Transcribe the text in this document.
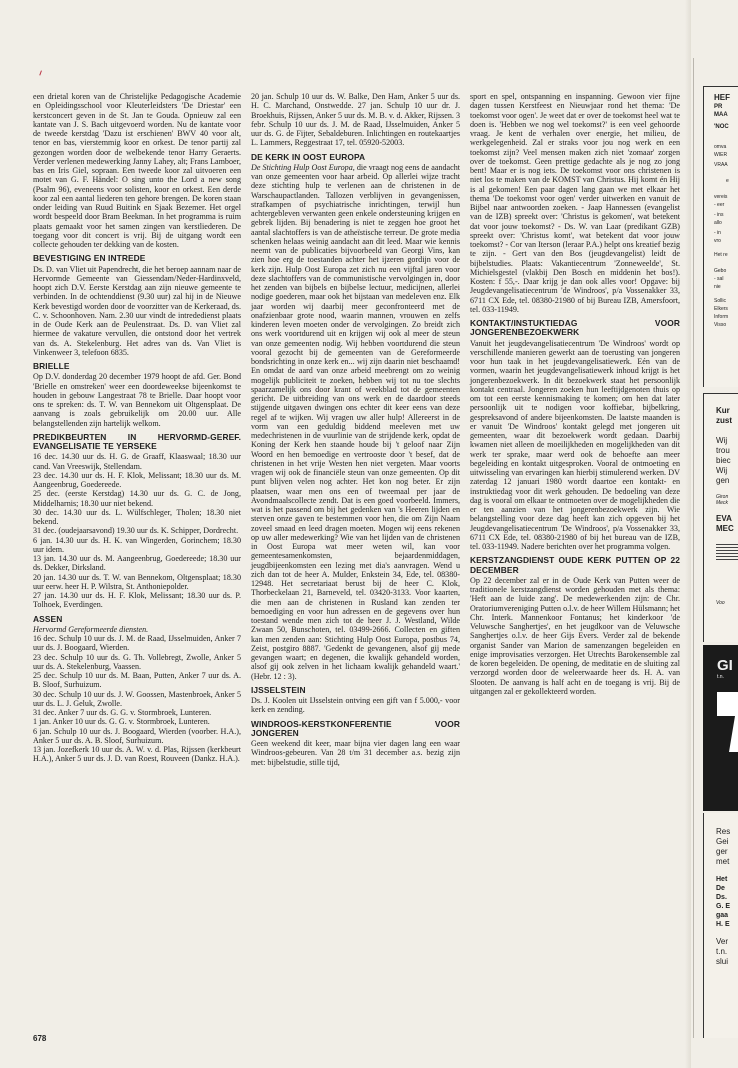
een drietal koren van de Christelijke Pedagogische Academie en Opleidingsschool voor Kleuterleidsters 'De Driestar' een kerstconcert geven in de St. Jan te Gouda. Opnieuw zal een kantate van J. S. Bach uitgevoerd worden. Nu de kantate voor de tweede kerstdag 'Dazu ist erschienen' BWV 40 voor alt, tenor en bas, vierstemmig koor en orkest. De tenor partij zal gezongen worden door de welbekende tenor Harry Geraerts. Verder verlenen medewerking Janny Lahey, alt; Frans Lamboer, bas en Iris Giel, sopraan. Een tweede koor zal uitvoeren een motet van G. F. Händel: O sing unto the Lord a new song (Psalm 96), eveneens voor solisten, koor en orkest. Een derde koor zal een aantal liederen ten gehore brengen. De koren staan onder leiding van Ruud Buitink en Sjaak Bezemer. Het orgel wordt bespeeld door Bram Beekman. In het programma is ruim plaats gemaakt voor het samen zingen van kerstliederen. De toegang voor dit concert is vrij. Bij de uitgang wordt een collecte gehouden ter dekking van de kosten.

BEVESTIGING EN INTREDE

Ds. D. van Vliet uit Papendrecht, die het beroep aannam naar de Hervormde Gemeente van Giessendam/Neder-Hardinxveld, hoopt zich D.V. Eerste Kerstdag aan zijn nieuwe gemeente te verbinden. In de ochtenddienst (9.30 uur) zal hij in de Nieuwe Kerk bevestigd worden door de voorzitter van de Kerkeraad, ds. C. v. Schoonhoven. Nam. 2.30 uur vindt de intrededienst plaats in de Oude Kerk aan de Peulenstraat. Ds. D. van Vliet zal hiermee de vakature vervullen, die ontstond door het vertrek van ds. A. Stekelenburg. Het adres van ds. Van Vliet is Vinkenweer 3, telefoon 6835.

BRIELLE

Op D.V. donderdag 20 december 1979 hoopt de afd. Ger. Bond 'Brielle en omstreken' weer een doordeweekse bijeenkomst te houden in gebouw Langestraat 78 te Brielle. Daar hoopt voor ons te spreken: ds. T. W. van Bennekom uit Oltgensplaat. De aanvang is zoals gebruikelijk om 20.00 uur. Alle belangstellenden zijn hartelijk welkom.

PREDIKBEURTEN IN HERVORMD-GEREF. EVANGELISATIE TE YERSEKE

16 dec. 14.30 uur ds. H. G. de Graaff, Klaaswaal; 18.30 uur cand. Van Vreeswijk, Stellendam.

23 dec. 14.30 uur ds. H. F. Klok, Melissant; 18.30 uur ds. M. Aangeenbrug, Goedereede.

25 dec. (eerste Kerstdag) 14.30 uur ds. G. C. de Jong, Middelharnis; 18.30 uur niet bekend.

30 dec. 14.30 uur ds. L. Wülfschleger, Tholen; 18.30 niet bekend.

31 dec. (oudejaarsavond) 19.30 uur ds. K. Schipper, Dordrecht.

6 jan. 14.30 uur ds. H. K. van Wingerden, Gorinchem; 18.30 uur idem.

13 jan. 14.30 uur ds. M. Aangeenbrug, Goedereede; 18.30 uur ds. Dekker, Dirksland.

20 jan. 14.30 uur ds. T. W. van Bennekom, Oltgensplaat; 18.30 uur eerw. heer H. P. Wilstra, St. Anthoniepolder.

27 jan. 14.30 uur ds. H. F. Klok, Melissant; 18.30 uur ds. P. Tolhoek, Everdingen.

ASSEN

Hervormd Gereformeerde diensten.

16 dec. Schulp 10 uur ds. J. M. de Raad, IJsselmuiden, Anker 7 uur ds. J. Boogaard, Wierden.

23 dec. Schulp 10 uur ds. G. Th. Vollebregt, Zwolle, Anker 5 uur ds. A. Stekelenburg, Vaassen.

25 dec. Schulp 10 uur ds. M. Baan, Putten, Anker 7 uur ds. A. B. Sloof, Surhuizum.

30 dec. Schulp 10 uur ds. J. W. Goossen, Mastenbroek, Anker 5 uur ds. L. J. Geluk, Zwolle.

31 dec. Anker 7 uur ds. G. G. v. Stormbroek, Lunteren.

1 jan. Anker 10 uur ds. G. G. v. Stormbroek, Lunteren.

6 jan. Schulp 10 uur ds. J. Boogaard, Wierden (voorber. H.A.), Anker 5 uur ds. A. B. Sloof, Surhuizum.

13 jan. Jozefkerk 10 uur ds. A. W. v. d. Plas, Rijssen (kerkbeurt H.A.), Anker 5 uur ds. J. D. van Roest, Rouveen (Dankz. H.A.).

20 jan. Schulp 10 uur ds. W. Balke, Den Ham, Anker 5 uur ds. H. C. Marchand, Onstwedde. 27 jan. Schulp 10 uur dr. J. Broekhuis, Rijssen, Anker 5 uur ds. M. B. v. d. Akker, Rijssen. 3 febr. Schulp 10 uur ds. J. M. de Raad, IJsselmuiden, Anker 5 uur ds. G. de Fijter, Sebaldeburen. Inlichtingen en routekaartjes L. Lammers, Reggestraat 17, tel. 05920-52003.

DE KERK IN OOST EUROPA

De Stichting Hulp Oost Europa, die vraagt nog eens de aandacht van onze gemeenten voor haar arbeid. Op allerlei wijze tracht deze stichting hulp te verlenen aan de christenen in de Warschaupactlanden. Tallozen verblijven in gevangenissen, strafkampen of psychiatrische inrichtingen, terwijl hun achtergebleven verwanten geen enkele ondersteuning krijgen en gebrek lijden. Bij benadering is niet te zeggen hoe groot het aantal slachtoffers is van de atheïstische terreur. De grote media schenken helaas weinig aandacht aan dit leed. Maar wie kennis neemt van de publicaties bijvoorbeeld van Georgi Vins, kan zien hoe erg de toestanden achter het ijzeren gordijn voor de kerk zijn. Hulp Oost Europa zet zich nu een vijftal jaren voor deze slachtoffers van de communistische vervolgingen in, door het zenden van bijbels en bijbelse lectuur, medicijnen, allerlei nodige goederen, maar ook het bijstaan van medeleven enz. Elk jaar worden wij daarbij meer geconfronteerd met de onafzienbaar grote nood, waarin mannen, vrouwen en zelfs kinderen leven moeten onder de vervolgingen. Zo breidt zich ons werk voortdurend uit en krijgen wij ook al meer de steun van onze gemeenten nodig. Wij hebben voortdurend die steun vooral gezocht bij de gemeenten van de Gereformeerde bondsrichting in onze kerk en... wij zijn daarin niet beschaamd! En omdat de aard van onze arbeid meebrengt om zo weinig mogelijk publiciteit te zoeken, hebben wij tot nu toe slechts spaarzamelijk ons door krant of weekblad tot de gemeenten gericht. De uitbreiding van ons werk en de daardoor steeds stijgende uitgaven dwingen ons echter dit keer eens van deze regel af te wijken. Wij vragen uw aller hulp! Allereerst in de vorm van een geduldig biddend meeleven met uw medechristenen in de vuurlinie van de strijdende kerk, opdat de Koning der Kerk hen staande houde bij 't geloof naar Zijn Woord en hen bemoedige en vertrooste door 't besef, dat de christenen in het vrije Westen hen niet vergeten. Maar voorts vragen wij ook de financiële steun van onze gemeenten. Op dit punt blijven velen nog achter. Het kon nog beter. Er zijn plaatsen, waar men ons een of tweemaal per jaar de Avondmaalscollecte zendt. Dat is een goed voorbeeld. Immers, wat is het passend om bij het gedenken van 's Heeren lijden en sterven onze gaven te bestemmen voor hen, die om Zijn Naam zoveel smaad en leed dragen moeten. Mogen wij eens rekenen op uw aller medewerking? Wie van het lijden van de christenen in Oost Europa wat meer weten wil, kan voor gemeentesamenkomsten, bejaardenmiddagen, jeugdbijeenkomsten een lezing met dia's aanvragen. Wend u zich dan tot de heer A. Mulder, Enkstein 34, Ede, tel. 08380-12948. Het secretariaat berust bij de heer C. Klok, Thorbeckelaan 21, Barneveld, tel. 03420-3133. Voor kaarten, die men aan de christenen in Rusland kan zenden ter bemoediging en voor hun adressen en de gegevens over hun toestand wende men zich tot de heer J. J. Westland, Wilde Zwaan 50, Bunschoten, tel. 03499-2666. Collecten en giften kan men zenden aan: Stichting Hulp Oost Europa, postbus 74, Zeist, postgiro 8887. 'Gedenkt de gevangenen, alsof gij mede gevangen waart; en degenen, die kwalijk gehandeld worden, alsof gij ook zelven in het lichaam kwalijk gehandeld waart.' (Hebr. 12 : 3).

IJSSELSTEIN

Ds. J. Koolen uit IJsselstein ontving een gift van f 5.000,- voor kerk en zending.

WINDROOS-KERSTKONFERENTIE VOOR JONGEREN

Geen weekend dit keer, maar bijna vier dagen lang een waar Windroos-gebeuren. Van 28 t/m 31 december a.s. bezig zijn met: bijbelstudie, stille tijd,

sport en spel, ontspanning en inspanning. Gewoon vier fijne dagen tussen Kerstfeest en Nieuwjaar rond het thema: 'De toekomst voor ogen'. Je weet dat er over de toekomst heel wat te doen is. 'Hebben we nog wel toekomst?' is een veel gehoorde vraag. Je kent de verhalen over energie, het milieu, de werkgelegenheid. Zal er straks voor jou nog werk en een toekomst zijn? Veel mensen maken zich niet 'zomaar' zorgen over de toekomst. Geen prettige gedachte als je nog zo jong bent! Maar er is nog iets. De toekomst voor ons christenen is niet los te maken van de KOMST van Christus. Hij komt én Hij is al gekomen! Een paar dagen lang gaan we met elkaar het thema 'De toekomst voor ogen' verder uitwerken en vanuit de Bijbel naar antwoorden zoeken. - Jaap Hannessen (evangelist van de IZB) spreekt over: 'Christus is gekomen', wat betekent dat voor jouw toekomst? - Ds. W. van Laar (predikant GZB) spreekt over: 'Christus komt', wat betekent dat voor jouw toekomst? - Cor van Iterson (leraar P.A.) helpt ons kreatief bezig te zijn. - Gert van den Bos (jeugdevangelist) leidt de bijbelstudies. Plaats: Vakantiecentrum 'Zonneweelde', St. Michielsgestel (vlakbij Den Bosch en middenin het bos!). Kosten: f 55,-. Daar krijg je dan ook alles voor! Opgave: bij Jeugdevangelisatiecentrum 'de Windroos', p/a Vossenakker 33, 6711 CX Ede, tel. 08380-21980 of bij Bureau IZB, Amersfoort, tel. 033-11949.

KONTAKT/INSTUKTIEDAG VOOR JONGERENBEZOEKWERK

Vanuit het jeugdevangelisatiecentrum 'De Windroos' wordt op verschillende manieren gewerkt aan de toerusting van jongeren voor hun taak in het jeugdevangelisatiewerk. Eén van de vormen, waarin het jeugdevangelisatiewerk inhoud krijgt is het jongerenbezoekwerk. In dit bezoekwerk staat het persoonlijk kontakt centraal. Jongeren zoeken hun leeftijdgenoten thuis op om tot een eerste kennismaking te komen; om hen dat later persoonlijk uit te nodigen voor koffiebar, bijbelkring, gespreksavond of andere bijeenkomsten. De laatste maanden is er vanuit 'De Windroos' kontakt gelegd met jongeren uit gemeenten, waar dit bezoekwerk wordt gedaan. Daarbij kwamen niet alleen de moeilijkheden en mogelijkheden van dit werk ter sprake, maar werd ook de behoefte aan meer begeleiding en kontakt uitgesproken. Vooral de ontmoeting en uitwisseling van ervaringen kan hierbij stimulerend werken. DV zaterdag 12 januari 1980 wordt daartoe een kontakt- en instruktiedag voor dit werk gehouden. De bedoeling van deze dag is vooral om elkaar te ontmoeten over de mogelijkheden die er ten aanzien van het jongerenbezoekwerk zijn. Wie belangstelling voor deze dag heeft kan zich opgeven bij het Jeugdevangelisatiecentrum 'De Windroos', p/a Vossenakker 33, 6711 CX Ede, tel. 08380-21980 of bij het bureau van de IZB, tel. 033-11949. Nadere berichten over het programma volgen.

KERSTZANGDIENST OUDE KERK PUTTEN OP 22 DECEMBER

Op 22 december zal er in de Oude Kerk van Putten weer de traditionele kerstzangdienst worden gehouden met als thema: 'Heft aan de luide zang'. De medewerkenden zijn: de Chr. Oratoriumvereniging Putten o.l.v. de heer Willem Hülsmann; het Chr. Interk. Mannenkoor Fontanus; het kinderkoor 'de Veluwsche Sanghertjes', en het jeugdkoor van de Veluwsche Sanghertjes o.l.v. de heer Gijs Evers. Verder zal de bekende organist Sander van Marion de samenzangen begeleiden en enige improvisaties verzorgen. Het Utrechts Barokensemble zal de koren begeleiden. De opening, de meditatie en de sluiting zal verzorgd worden door de weleerwaarde heer ds. H. A. van Slooten. De aanvang is half acht en de toegang is vrij. Bij de uitgangen zal er gekollekteerd worden.

678
HEF
PR
MAA
'NOC
omva
WIER
VRAA
e
vereis
- eer
- ins
allo
- in
vro
Het re
Gebo
- sal
nie
Sollic
Elkers
Inform
Visso
Kur
zust
Wij
trou
biec
Wij
gen
Giron
Meck
EVA
MEC
Voo
GI
t.n.
Res
Gei
ger
met
Het
De
Ds.
G. E
gaa
H. E
Ver
t.n.
slui
